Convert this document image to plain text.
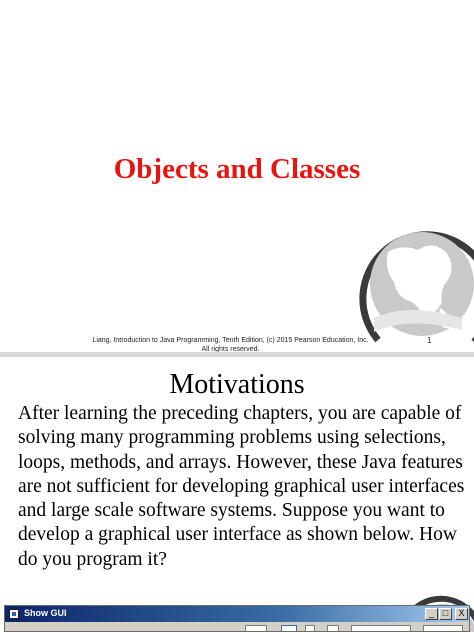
Objects and Classes
Liang, Introduction to Java Programming, Tenth Edition, (c) 2015 Pearson Education, Inc. All rights reserved.
1
Motivations
After learning the preceding chapters, you are capable of solving many programming problems using selections, loops, methods, and arrays. However, these Java features are not sufficient for developing graphical user interfaces and large scale software systems. Suppose you want to develop a graphical user interface as shown below. How do you program it?
Show GUI	_ □	X
